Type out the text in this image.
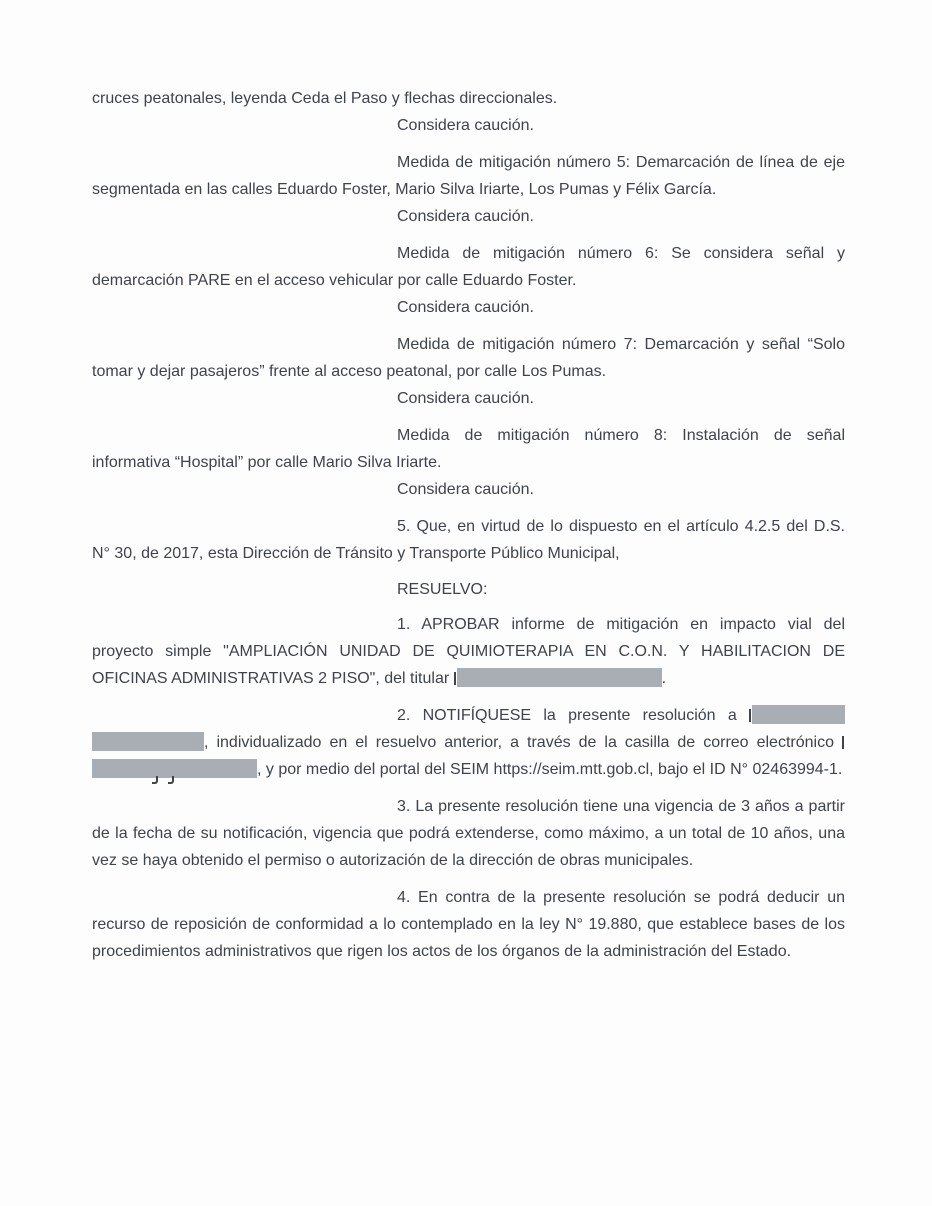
cruces peatonales, leyenda Ceda el Paso y flechas direccionales.

Considera caución.

Medida de mitigación número 5: Demarcación de línea de eje segmentada en las calles Eduardo Foster, Mario Silva Iriarte, Los Pumas y Félix García.

Considera caución.

Medida de mitigación número 6: Se considera señal y demarcación PARE en el acceso vehicular por calle Eduardo Foster.

Considera caución.

Medida de mitigación número 7: Demarcación y señal “Solo tomar y dejar pasajeros” frente al acceso peatonal, por calle Los Pumas.

Considera caución.

Medida de mitigación número 8: Instalación de señal informativa “Hospital” por calle Mario Silva Iriarte.

Considera caución.

5. Que, en virtud de lo dispuesto en el artículo 4.2.5 del D.S. N° 30, de 2017, esta Dirección de Tránsito y Transporte Público Municipal,

RESUELVO:

1. APROBAR informe de mitigación en impacto vial del proyecto simple "AMPLIACIÓN UNIDAD DE QUIMIOTERAPIA EN C.O.N. Y HABILITACION DE OFICINAS ADMINISTRATIVAS 2 PISO", del titular	.

2. NOTIFÍQUESE la presente resolución a  , individualizado en el resuelvo anterior, a través de la casilla de correo electrónico
, y por medio del portal del SEIM https://seim.mtt.gob.cl, bajo el ID N° 02463994-1.

3. La presente resolución tiene una vigencia de 3 años a partir de la fecha de su notificación, vigencia que podrá extenderse, como máximo, a un total de 10 años, una vez se haya obtenido el permiso o autorización de la dirección de obras municipales.

4. En contra de la presente resolución se podrá deducir un recurso de reposición de conformidad a lo contemplado en la ley N° 19.880, que establece bases de los procedimientos administrativos que rigen los actos de los órganos de la administración del Estado.
